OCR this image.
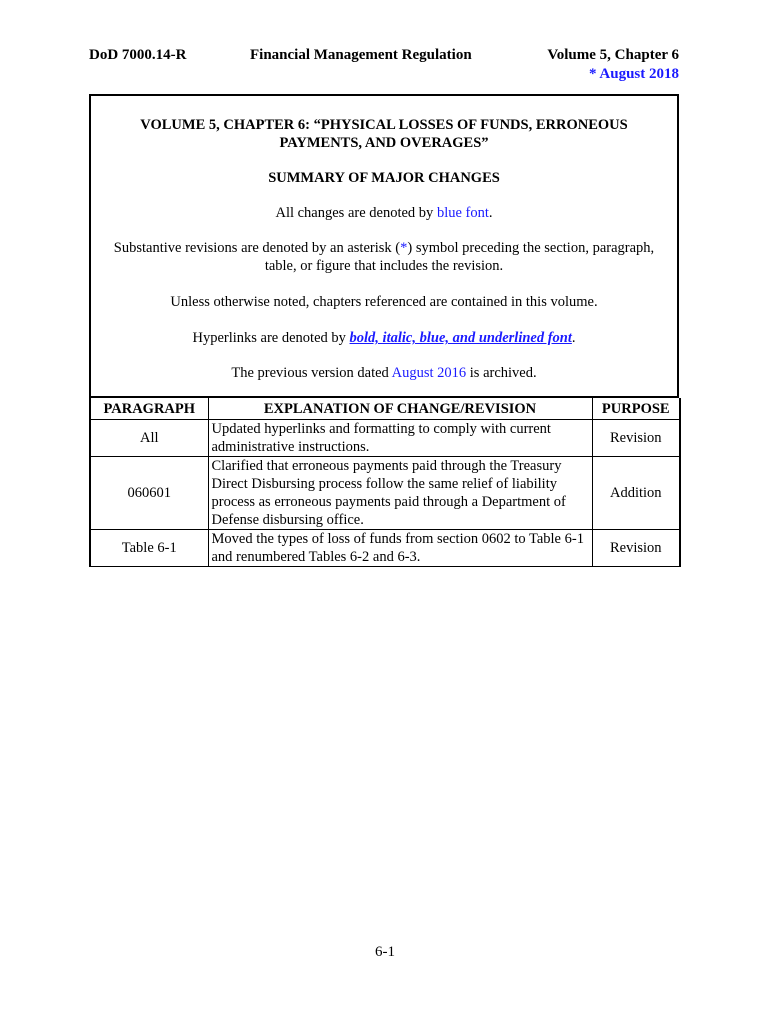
DoD 7000.14-R	Financial Management Regulation	Volume 5, Chapter 6
* August 2018

VOLUME 5, CHAPTER 6: “PHYSICAL LOSSES OF FUNDS, ERRONEOUS
PAYMENTS, AND OVERAGES”

SUMMARY OF MAJOR CHANGES

All changes are denoted by blue font.

Substantive revisions are denoted by an asterisk (*) symbol preceding the section, paragraph, table, or figure that includes the revision.

Unless otherwise noted, chapters referenced are contained in this volume.

Hyperlinks are denoted by bold, italic, blue, and underlined font.

The previous version dated August 2016 is archived.

PARAGRAPH	EXPLANATION OF CHANGE/REVISION	PURPOSE
All	Updated hyperlinks and formatting to comply with current administrative instructions.	Revision
060601	Clarified that erroneous payments paid through the Treasury Direct Disbursing process follow the same relief of liability process as erroneous payments paid through a Department of Defense disbursing office.	Addition
Table 6-1	Moved the types of loss of funds from section 0602 to Table 6-1 and renumbered Tables 6-2 and 6-3.	Revision
6-1
